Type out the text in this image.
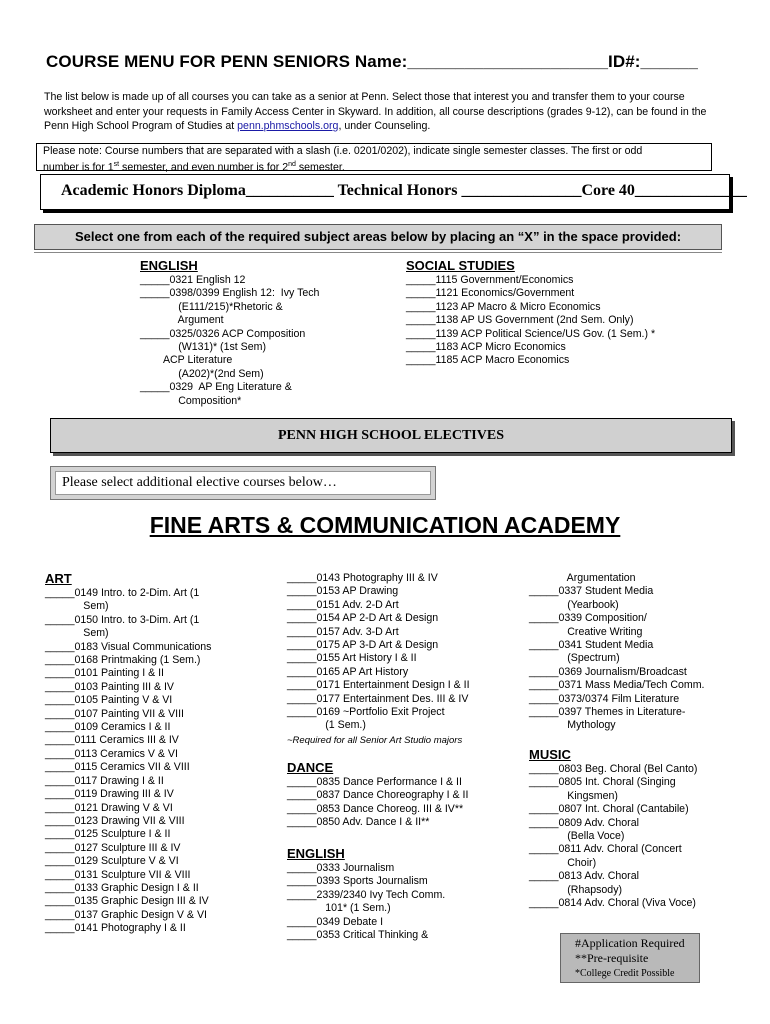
COURSE MENU FOR PENN SENIORS Name:_____________________ID#:______
The list below is made up of all courses you can take as a senior at Penn. Select those that interest you and transfer them to your course worksheet and enter your requests in Family Access Center in Skyward. In addition, all course descriptions (grades 9-12), can be found in the Penn High School Program of Studies at penn.phmschools.org, under Counseling.
Please note: Course numbers that are separated with a slash (i.e. 0201/0202), indicate single semester classes. The first or odd
number is for 1st semester, and even number is for 2nd semester.
Academic Honors Diploma___________ Technical Honors _______________Core 40______________
Select one from each of the required subject areas below by placing an “X” in the space provided:
ENGLISH
_____0321 English 12
_____0398/0399 English 12:  Ivy Tech
(E111/215)*Rhetoric &
Argument
_____0325/0326 ACP Composition
(W131)* (1st Sem)
ACP Literature
(A202)*(2nd Sem)
_____0329  AP Eng Literature &
Composition*
SOCIAL STUDIES
_____1115 Government/Economics
_____1121 Economics/Government
_____1123 AP Macro & Micro Economics
_____1138 AP US Government (2nd Sem. Only)
_____1139 ACP Political Science/US Gov. (1 Sem.) *
_____1183 ACP Micro Economics
_____1185 ACP Macro Economics
PENN HIGH SCHOOL ELECTIVES
Please select additional elective courses below…
FINE ARTS & COMMUNICATION ACADEMY
ART
_____0149 Intro. to 2-Dim. Art (1
Sem)
_____0150 Intro. to 3-Dim. Art (1
Sem)
_____0183 Visual Communications
_____0168 Printmaking (1 Sem.)
_____0101 Painting I & II
_____0103 Painting III & IV
_____0105 Painting V & VI
_____0107 Painting VII & VIII
_____0109 Ceramics I & II
_____0111 Ceramics III & IV
_____0113 Ceramics V & VI
_____0115 Ceramics VII & VIII
_____0117 Drawing I & II
_____0119 Drawing III & IV
_____0121 Drawing V & VI
_____0123 Drawing VII & VIII
_____0125 Sculpture I & II
_____0127 Sculpture III & IV
_____0129 Sculpture V & VI
_____0131 Sculpture VII & VIII
_____0133 Graphic Design I & II
_____0135 Graphic Design III & IV
_____0137 Graphic Design V & VI
_____0141 Photography I & II
_____0143 Photography III & IV
_____0153 AP Drawing
_____0151 Adv. 2-D Art
_____0154 AP 2-D Art & Design
_____0157 Adv. 3-D Art
_____0175 AP 3-D Art & Design
_____0155 Art History I & II
_____0165 AP Art History
_____0171 Entertainment Design I & II
_____0177 Entertainment Des. III & IV
_____0169 ~Portfolio Exit Project
(1 Sem.)
~Required for all Senior Art Studio majors
DANCE
_____0835 Dance Performance I & II
_____0837 Dance Choreography I & II
_____0853 Dance Choreog. III & IV**
_____0850 Adv. Dance I & II**
ENGLISH
_____0333 Journalism
_____0393 Sports Journalism
_____2339/2340 Ivy Tech Comm.
101* (1 Sem.)
_____0349 Debate I
_____0353 Critical Thinking &
Argumentation
_____0337 Student Media
(Yearbook)
_____0339 Composition/
Creative Writing
_____0341 Student Media
(Spectrum)
_____0369 Journalism/Broadcast
_____0371 Mass Media/Tech Comm.
_____0373/0374 Film Literature
_____0397 Themes in Literature-
Mythology
MUSIC
_____0803 Beg. Choral (Bel Canto)
_____0805 Int. Choral (Singing
Kingsmen)
_____0807 Int. Choral (Cantabile)
_____0809 Adv. Choral
(Bella Voce)
_____0811 Adv. Choral (Concert
Choir)
_____0813 Adv. Choral
(Rhapsody)
_____0814 Adv. Choral (Viva Voce)
#Application Required
**Pre-requisite
*College Credit Possible
